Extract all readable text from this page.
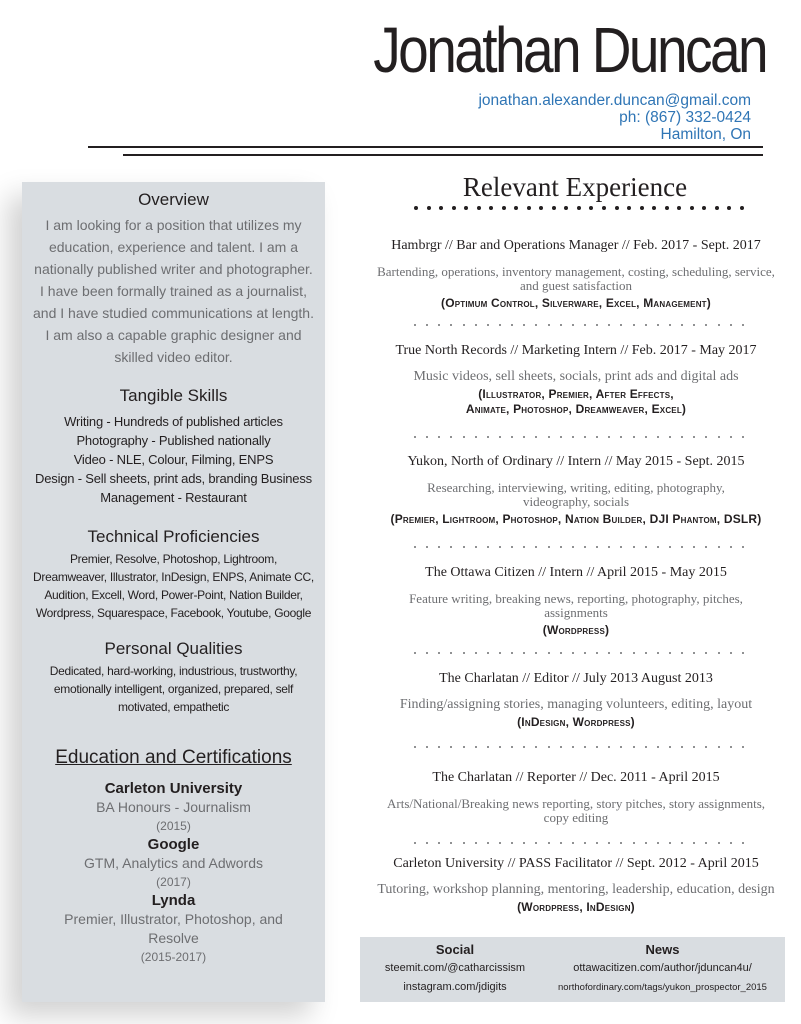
Jonathan Duncan
jonathan.alexander.duncan@gmail.com
ph: (867) 332-0424
Hamilton, On
Overview
I am looking for a position that utilizes my
education, experience and talent. I am a
nationally published writer and photographer.
I have been formally trained as a journalist,
and I have studied communications at length.
I am also a capable graphic designer and
skilled video editor.
Tangible Skills
Writing - Hundreds of published articles
Photography - Published nationally
Video - NLE, Colour, Filming, ENPS
Design - Sell sheets, print ads, branding Business
Management - Restaurant
Technical Proficiencies
Premier, Resolve, Photoshop, Lightroom,
Dreamweaver, Illustrator, InDesign, ENPS, Animate CC,
Audition, Excell, Word, Power-Point, Nation Builder,
Wordpress, Squarespace, Facebook, Youtube, Google
Personal Qualities
Dedicated, hard-working, industrious, trustworthy,
emotionally intelligent, organized, prepared, self
motivated, empathetic
Education and Certifications
Carleton University
BA Honours - Journalism
(2015)
Google
GTM, Analytics and Adwords
(2017)
Lynda
Premier, Illustrator, Photoshop, and
Resolve
(2015-2017)
Relevant Experience
Hambrgr // Bar and Operations Manager // Feb. 2017 - Sept. 2017
Bartending, operations, inventory management, costing, scheduling, service,
and guest satisfaction
(Optimum Control, Silverware, Excel, Management)
True North Records // Marketing Intern // Feb. 2017 - May 2017
Music videos, sell sheets, socials, print ads and digital ads
(Illustrator, Premier, After Effects,
Animate, Photoshop, Dreamweaver, Excel)
Yukon, North of Ordinary // Intern // May 2015 - Sept. 2015
Researching, interviewing, writing, editing, photography,
videography, socials
(Premier, Lightroom, Photoshop, Nation Builder, DJI Phantom, DSLR)
The Ottawa Citizen // Intern // April 2015 - May 2015
Feature writing, breaking news, reporting, photography, pitches,
assignments
(Wordpress)
The Charlatan // Editor // July 2013 August 2013
Finding/assigning stories, managing volunteers, editing, layout
(InDesign, Wordpress)
The Charlatan // Reporter // Dec. 2011 - April 2015
Arts/National/Breaking news reporting, story pitches, story assignments,
copy editing
Carleton University // PASS Facilitator // Sept. 2012 - April 2015
Tutoring, workshop planning, mentoring, leadership, education, design
(Wordpress, InDesign)
Social
steemit.com/@catharcissism
instagram.com/jdigits
News
ottawacitizen.com/author/jduncan4u/
northofordinary.com/tags/yukon_prospector_2015
